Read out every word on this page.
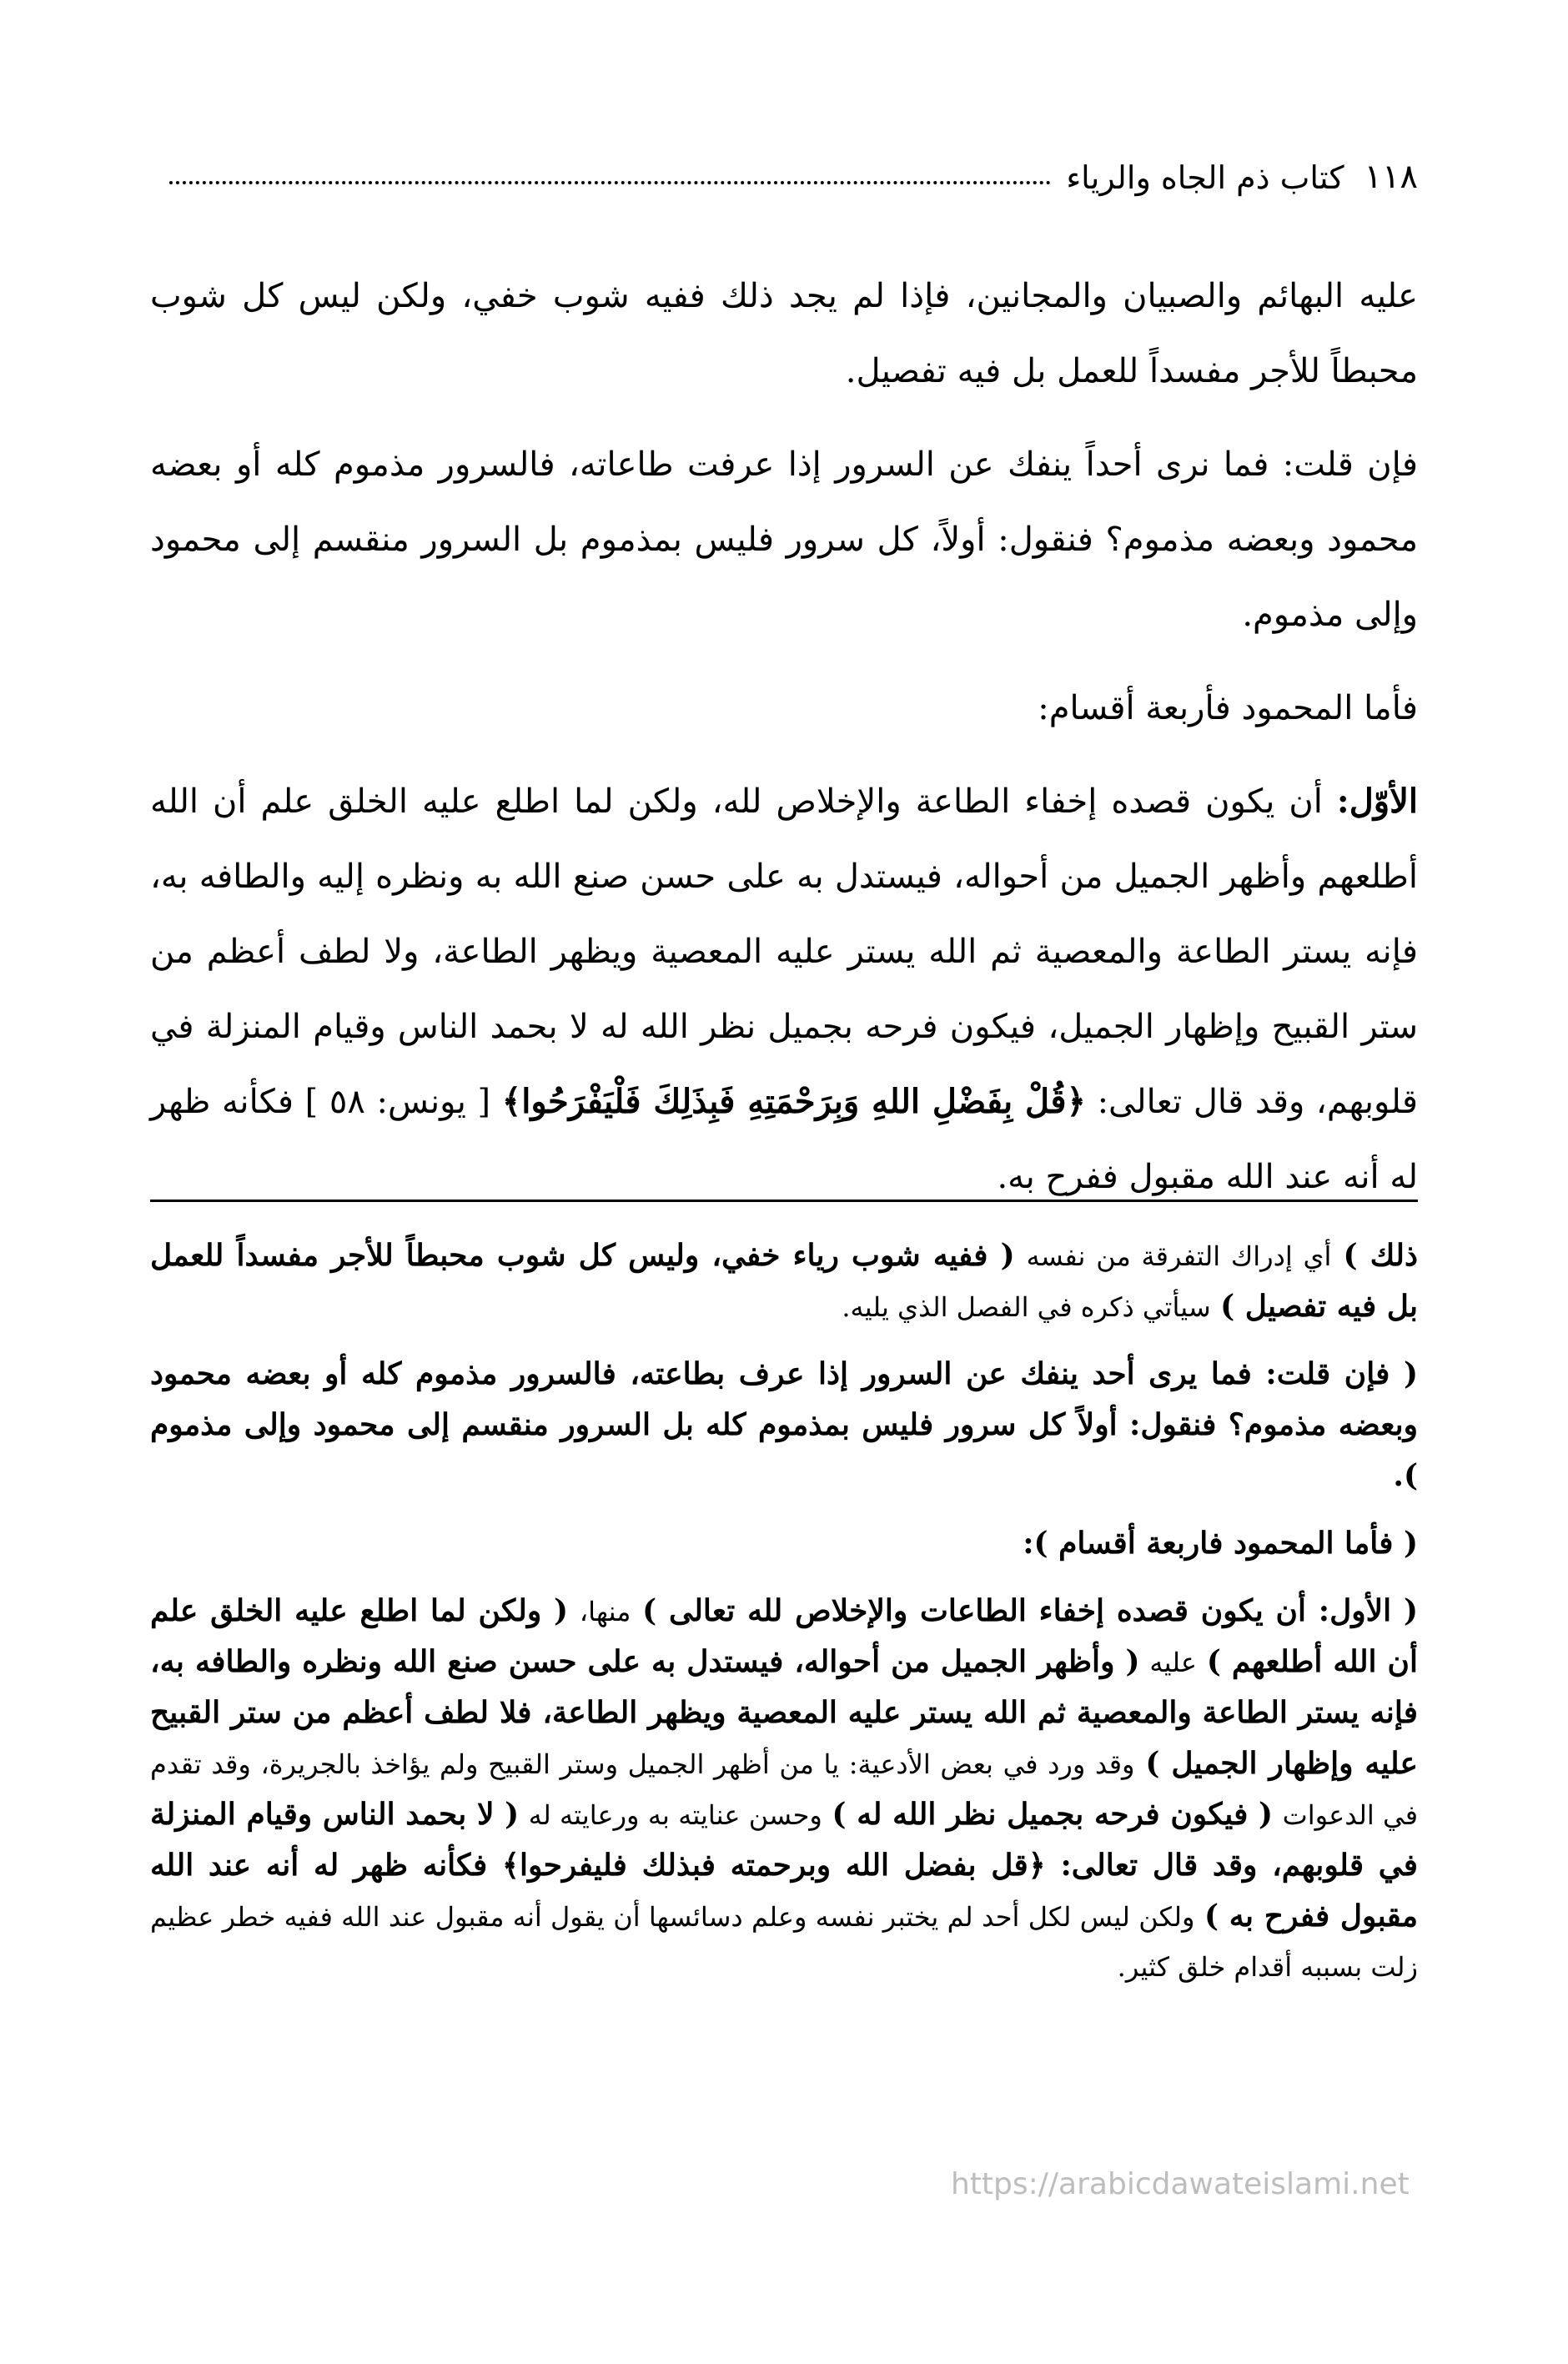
١١٨
كتاب ذم الجاه والرياء

عليه البهائم والصبيان والمجانين، فإذا لم يجد ذلك ففيه شوب خفي، ولكن ليس كل شوب محبطاً للأجر مفسداً للعمل بل فيه تفصيل.

فإن قلت: فما نرى أحداً ينفك عن السرور إذا عرفت طاعاته، فالسرور مذموم كله أو بعضه محمود وبعضه مذموم؟ فنقول: أولاً، كل سرور فليس بمذموم بل السرور منقسم إلى محمود وإلى مذموم.

فأما المحمود فأربعة أقسام:

الأوّل: أن يكون قصده إخفاء الطاعة والإخلاص لله، ولكن لما اطلع عليه الخلق علم أن الله أطلعهم وأظهر الجميل من أحواله، فيستدل به على حسن صنع الله به ونظره إليه والطافه به، فإنه يستر الطاعة والمعصية ثم الله يستر عليه المعصية ويظهر الطاعة، ولا لطف أعظم من ستر القبيح وإظهار الجميل، فيكون فرحه بجميل نظر الله له لا بحمد الناس وقيام المنزلة في قلوبهم، وقد قال تعالى: ﴿قُلْ بِفَضْلِ اللهِ وَبِرَحْمَتِهِ فَبِذَلِكَ فَلْيَفْرَحُوا﴾ [ يونس: ٥٨ ] فكأنه ظهر له أنه عند الله مقبول ففرح به.

ذلك ) أي إدراك التفرقة من نفسه ( ففيه شوب رياء خفي، وليس كل شوب محبطاً للأجر مفسداً للعمل بل فيه تفصيل ) سيأتي ذكره في الفصل الذي يليه.

( فإن قلت: فما يرى أحد ينفك عن السرور إذا عرف بطاعته، فالسرور مذموم كله أو بعضه محمود وبعضه مذموم؟ فنقول: أولاً كل سرور فليس بمذموم كله بل السرور منقسم إلى محمود وإلى مذموم ).

( فأما المحمود فاربعة أقسام ):

( الأول: أن يكون قصده إخفاء الطاعات والإخلاص لله تعالى ) منها، ( ولكن لما اطلع عليه الخلق علم أن الله أطلعهم ) عليه ( وأظهر الجميل من أحواله، فيستدل به على حسن صنع الله ونظره والطافه به، فإنه يستر الطاعة والمعصية ثم الله يستر عليه المعصية ويظهر الطاعة، فلا لطف أعظم من ستر القبيح عليه وإظهار الجميل ) وقد ورد في بعض الأدعية: يا من أظهر الجميل وستر القبيح ولم يؤاخذ بالجريرة، وقد تقدم في الدعوات ( فيكون فرحه بجميل نظر الله له ) وحسن عنايته به ورعايته له ( لا بحمد الناس وقيام المنزلة في قلوبهم، وقد قال تعالى: ﴿قل بفضل الله وبرحمته فبذلك فليفرحوا﴾ فكأنه ظهر له أنه عند الله مقبول ففرح به ) ولكن ليس لكل أحد لم يختبر نفسه وعلم دسائسها أن يقول أنه مقبول عند الله ففيه خطر عظيم زلت بسببه أقدام خلق كثير.

https://arabicdawateislami.net
